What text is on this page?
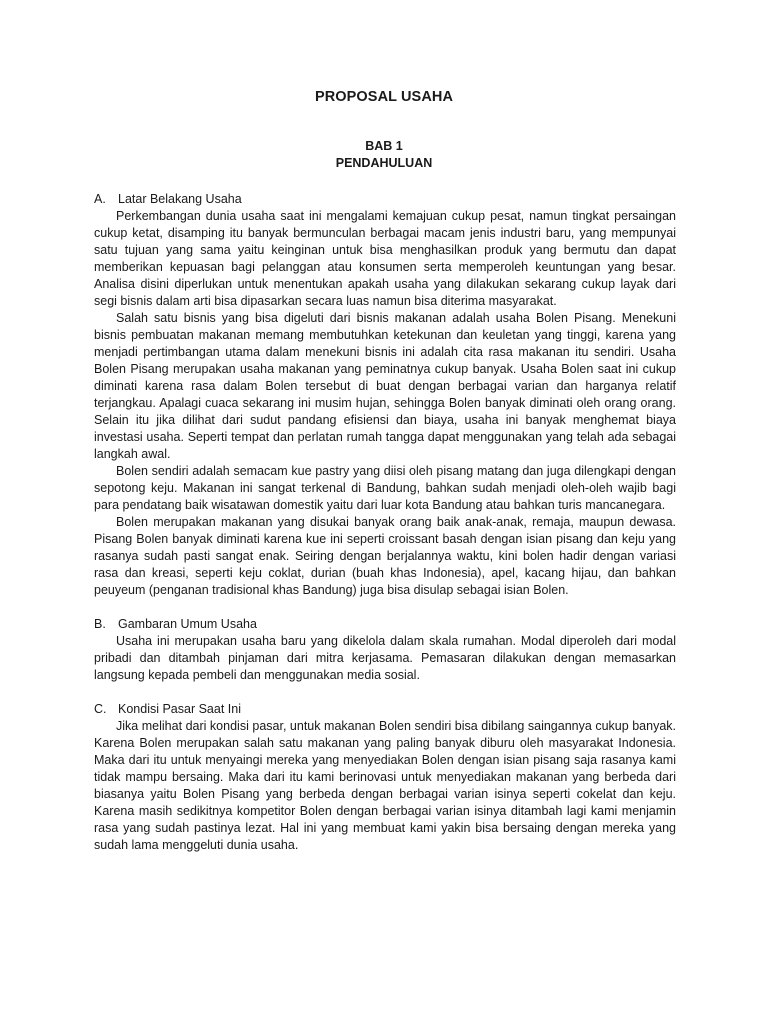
PROPOSAL USAHA
BAB 1
PENDAHULUAN
A. Latar Belakang Usaha

Perkembangan dunia usaha saat ini mengalami kemajuan cukup pesat, namun tingkat persaingan cukup ketat, disamping itu banyak bermunculan berbagai macam jenis industri baru, yang mempunyai satu tujuan yang sama yaitu keinginan untuk bisa menghasilkan produk yang bermutu dan dapat memberikan kepuasan bagi pelanggan atau konsumen serta memperoleh keuntungan yang besar. Analisa disini diperlukan untuk menentukan apakah usaha yang dilakukan sekarang cukup layak dari segi bisnis dalam arti bisa dipasarkan secara luas namun bisa diterima masyarakat.

Salah satu bisnis yang bisa digeluti dari bisnis makanan adalah usaha Bolen Pisang. Menekuni bisnis pembuatan makanan memang membutuhkan ketekunan dan keuletan yang tinggi, karena yang menjadi pertimbangan utama dalam menekuni bisnis ini adalah cita rasa makanan itu sendiri. Usaha Bolen Pisang merupakan usaha makanan yang peminatnya cukup banyak. Usaha Bolen saat ini cukup diminati karena rasa dalam Bolen tersebut di buat dengan berbagai varian dan harganya relatif terjangkau. Apalagi cuaca sekarang ini musim hujan, sehingga Bolen banyak diminati oleh orang orang. Selain itu jika dilihat dari sudut pandang efisiensi dan biaya, usaha ini banyak menghemat biaya investasi usaha. Seperti tempat dan perlatan rumah tangga dapat menggunakan yang telah ada sebagai langkah awal.

Bolen sendiri adalah semacam kue pastry yang diisi oleh pisang matang dan juga dilengkapi dengan sepotong keju. Makanan ini sangat terkenal di Bandung, bahkan sudah menjadi oleh-oleh wajib bagi para pendatang baik wisatawan domestik yaitu dari luar kota Bandung atau bahkan turis mancanegara.

Bolen merupakan makanan yang disukai banyak orang baik anak-anak, remaja, maupun dewasa. Pisang Bolen banyak diminati karena kue ini seperti croissant basah dengan isian pisang dan keju yang rasanya sudah pasti sangat enak. Seiring dengan berjalannya waktu, kini bolen hadir dengan variasi rasa dan kreasi, seperti keju coklat, durian (buah khas Indonesia), apel, kacang hijau, dan bahkan peuyeum (penganan tradisional khas Bandung) juga bisa disulap sebagai isian Bolen.

B. Gambaran Umum Usaha

Usaha ini merupakan usaha baru yang dikelola dalam skala rumahan. Modal diperoleh dari modal pribadi dan ditambah pinjaman dari mitra kerjasama. Pemasaran dilakukan dengan memasarkan langsung kepada pembeli dan menggunakan media sosial.

C. Kondisi Pasar Saat Ini

Jika melihat dari kondisi pasar, untuk makanan Bolen sendiri bisa dibilang saingannya cukup banyak. Karena Bolen merupakan salah satu makanan yang paling banyak diburu oleh masyarakat Indonesia. Maka dari itu untuk menyaingi mereka yang menyediakan Bolen dengan isian pisang saja rasanya kami tidak mampu bersaing. Maka dari itu kami berinovasi untuk menyediakan makanan yang berbeda dari biasanya yaitu Bolen Pisang yang berbeda dengan berbagai varian isinya seperti cokelat dan keju. Karena masih sedikitnya kompetitor Bolen dengan berbagai varian isinya ditambah lagi kami menjamin rasa yang sudah pastinya lezat. Hal ini yang membuat kami yakin bisa bersaing dengan mereka yang sudah lama menggeluti dunia usaha.
